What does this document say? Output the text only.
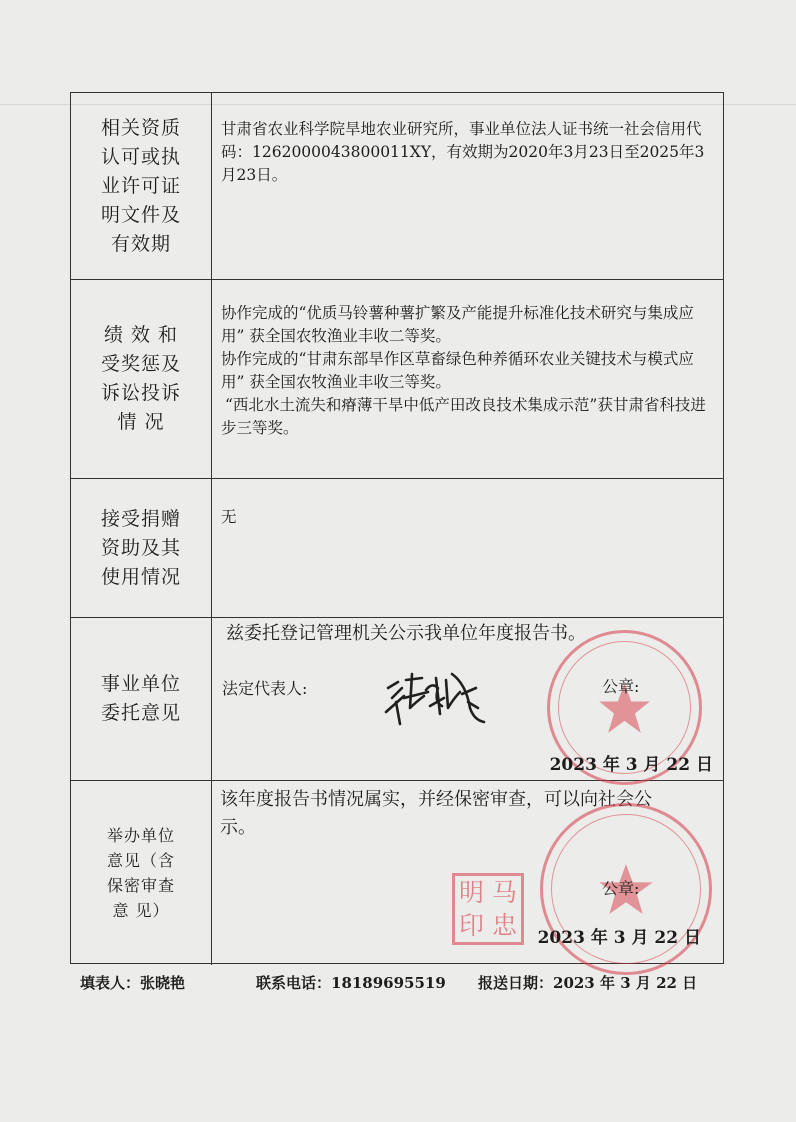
相关资质
认可或执
业许可证
明文件及
有效期

甘肃省农业科学院旱地农业研究所，事业单位法人证书统一社会信用代码：1262000043800011XY，有效期为2020年3月23日至2025年3月23日。

绩 效 和
受奖惩及
诉讼投诉
情 况

协作完成的“优质马铃薯种薯扩繁及产能提升标准化技术研究与集成应用” 获全国农牧渔业丰收二等奖。

协作完成的“甘肃东部旱作区草畜绿色种养循环农业关键技术与模式应用” 获全国农牧渔业丰收三等奖。

“西北水土流失和瘠薄干旱中低产田改良技术集成示范”获甘肃省科技进步三等奖。

接受捐赠
资助及其
使用情况

无

事业单位
委托意见
兹委托登记管理机关公示我单位年度报告书。
法定代表人:	公章:
2023 年 3 月 22 日
举办单位
意见（含
保密审查
意 见）

该年度报告书情况属实，并经保密审查，可以向社会公示。

公章:
2023 年 3 月 22 日
明 马
印 忠
填表人：张晓艳	联系电话：18189695519 报送日期：2023 年 3 月 22 日
